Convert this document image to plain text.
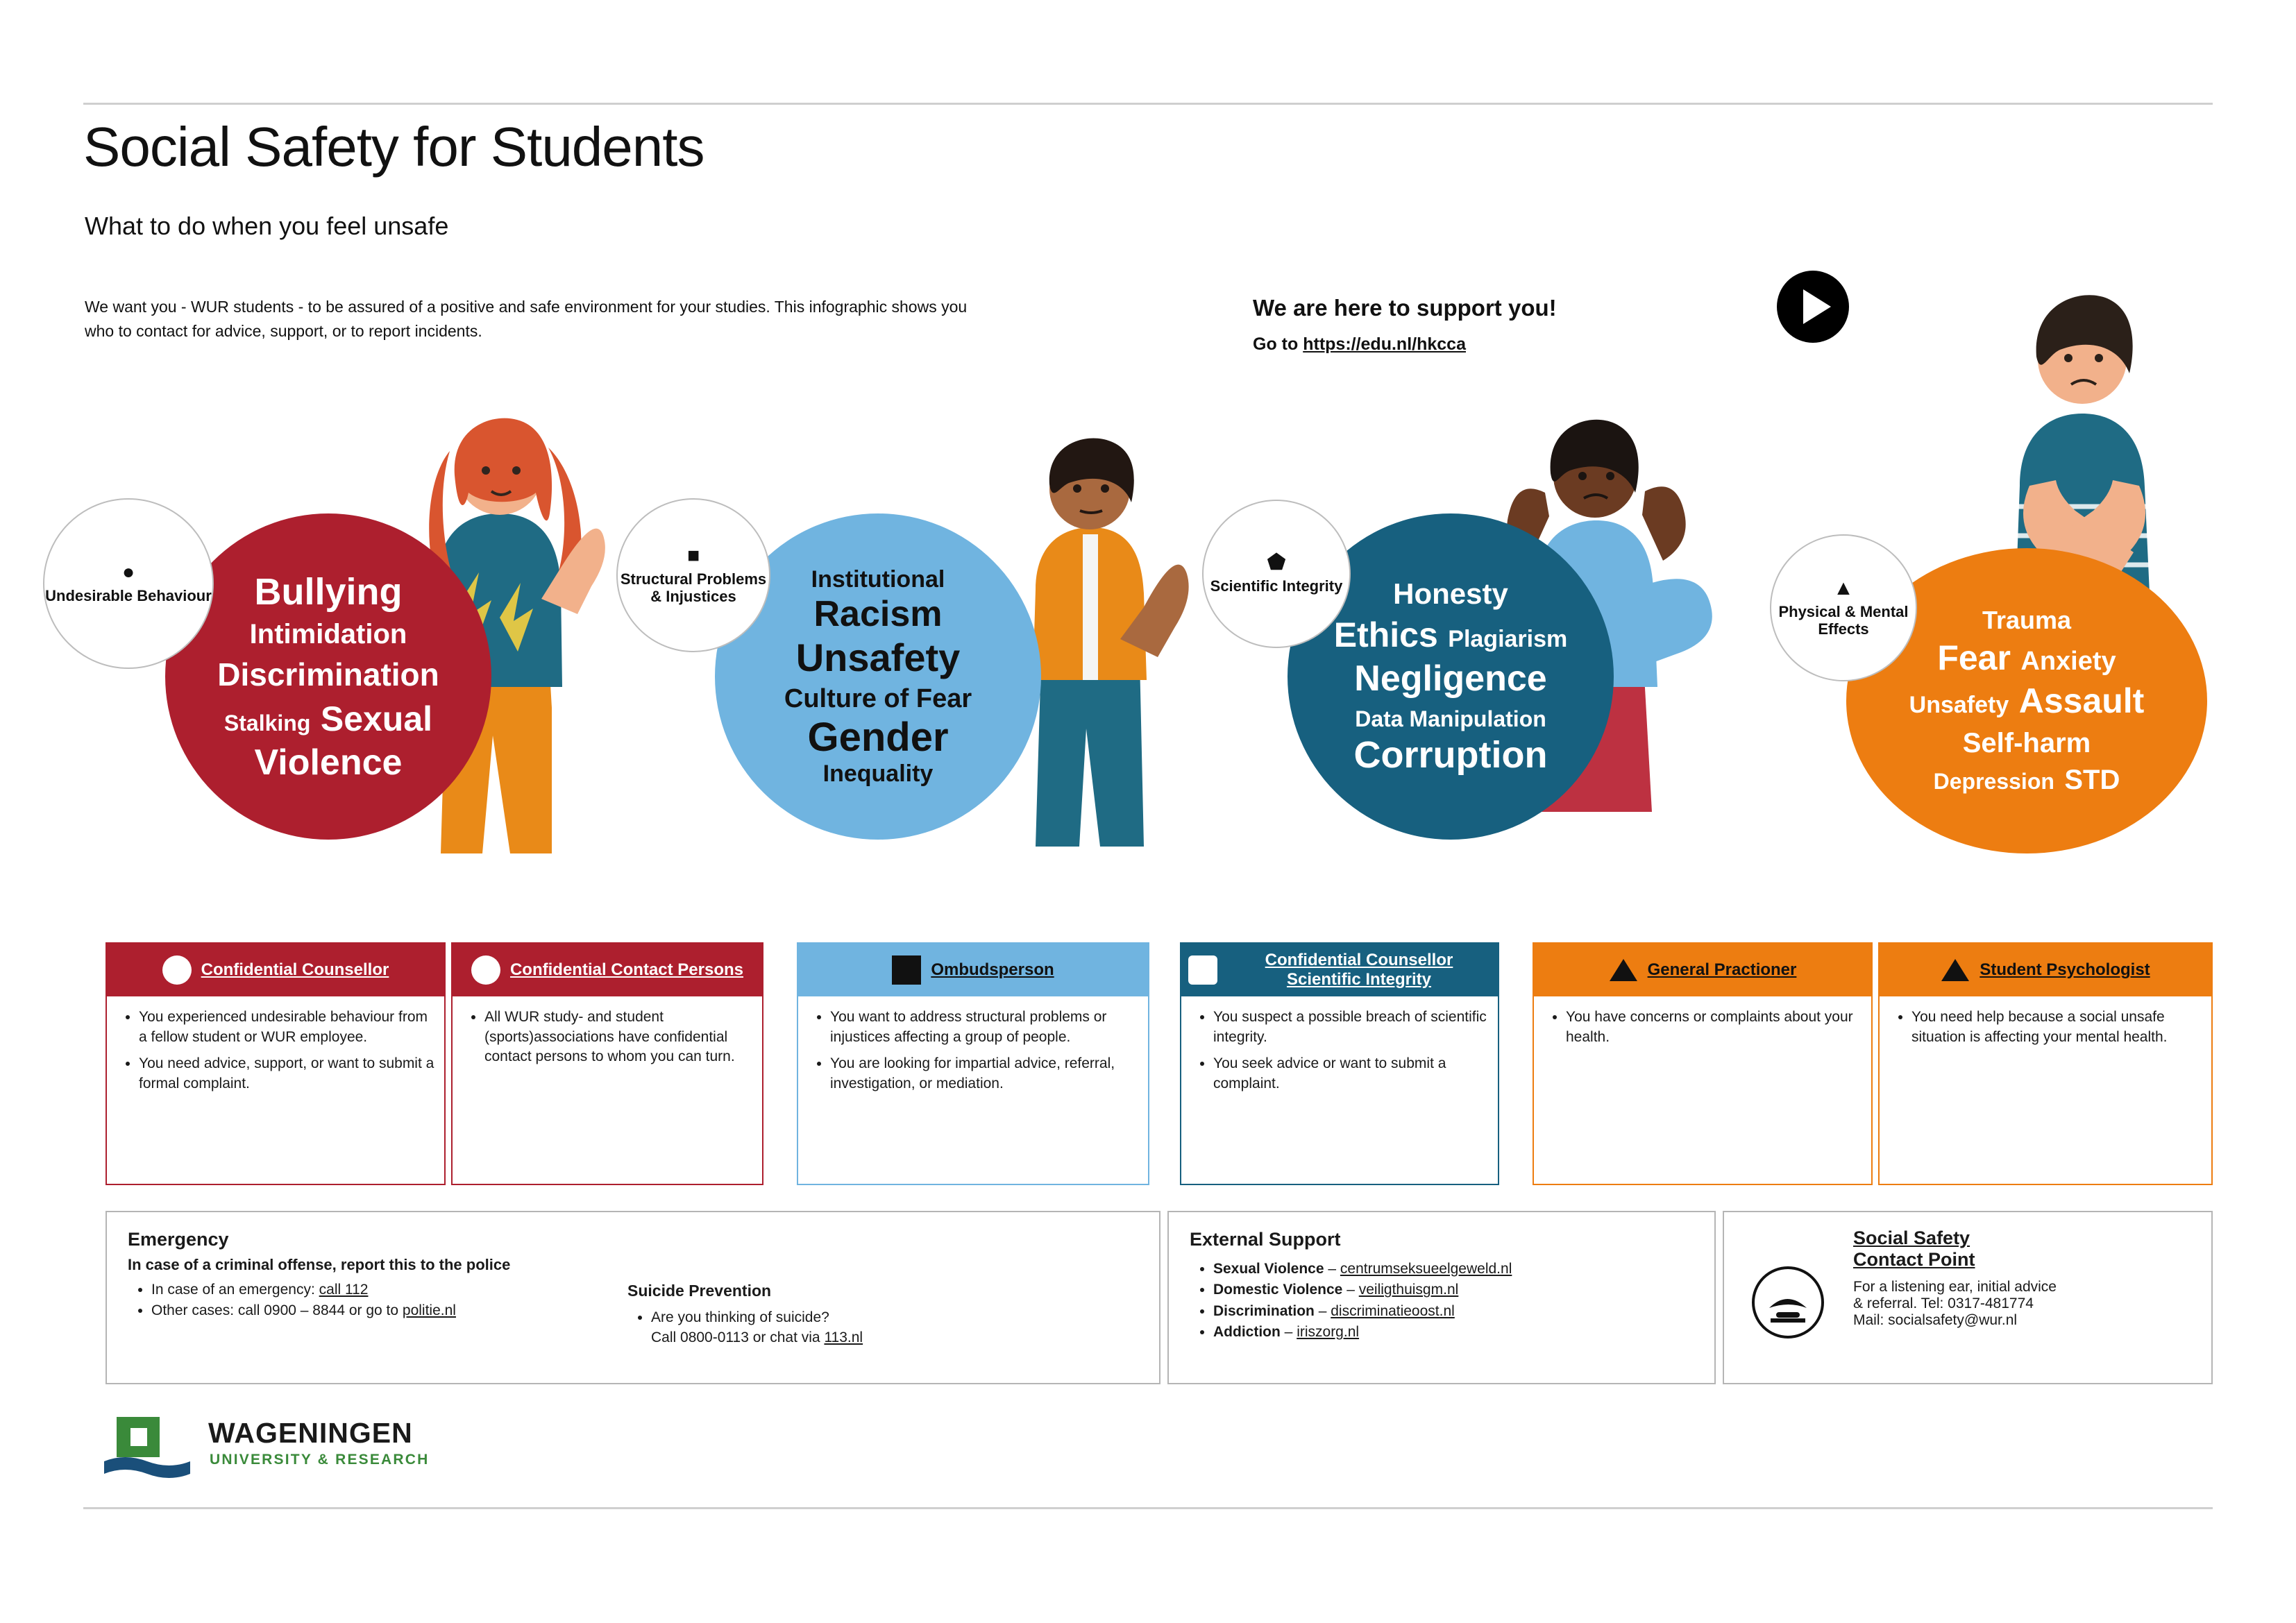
Social Safety for Students
What to do when you feel unsafe
We want you - WUR students - to be assured of a positive and safe environment for your studies. This infographic shows you who to contact for advice, support, or to report incidents.
We are here to support you!
Go to https://edu.nl/hkcca
Bullying
Intimidation
Discrimination
Stalking Sexual
Violence
●
Undesirable Behaviour
Institutional
Racism
Unsafety
Culture of Fear
Gender
Inequality
■
Structural Problems & Injustices	Honesty
Ethics Plagiarism
Negligence
Data Manipulation
Corruption
⬟
Scientific Integrity
Trauma
Fear Anxiety
Unsafety Assault
Self-harm
Depression STD
▲
Physical & Mental Effects
Confidential Counsellor
• You experienced undesirable behaviour from a fellow student or WUR employee.
• You need advice, support, or want to submit a formal complaint.
Confidential Contact Persons
• All WUR study- and student (sports)associations have confidential contact persons to whom you can turn.
Ombudsperson
• You want to address structural problems or injustices affecting a group of people.
• You are looking for impartial advice, referral, investigation, or mediation.
Confidential Counsellor Scientific Integrity
• You suspect a possible breach of scientific integrity.
• You seek advice or want to submit a complaint.
General Practioner
• You have concerns or complaints about your health.
Student Psychologist
• You need help because a social unsafe situation is affecting your mental health.
Emergency
In case of a criminal offense, report this to the police
• In case of an emergency: call 112
• Other cases: call 0900 – 8844 or go to politie.nl
Suicide Prevention
• Are you thinking of suicide?
Call 0800-0113 or chat via 113.nl
External Support
• Sexual Violence – centrumseksueelgeweld.nl
• Domestic Violence – veiligthuisgm.nl
• Discrimination – discriminatieoost.nl
• Addiction – iriszorg.nl
Social Safety
Contact Point
For a listening ear, initial advice
& referral. Tel: 0317-481774
Mail: socialsafety@wur.nl
WAGENINGEN
UNIVERSITY & RESEARCH
